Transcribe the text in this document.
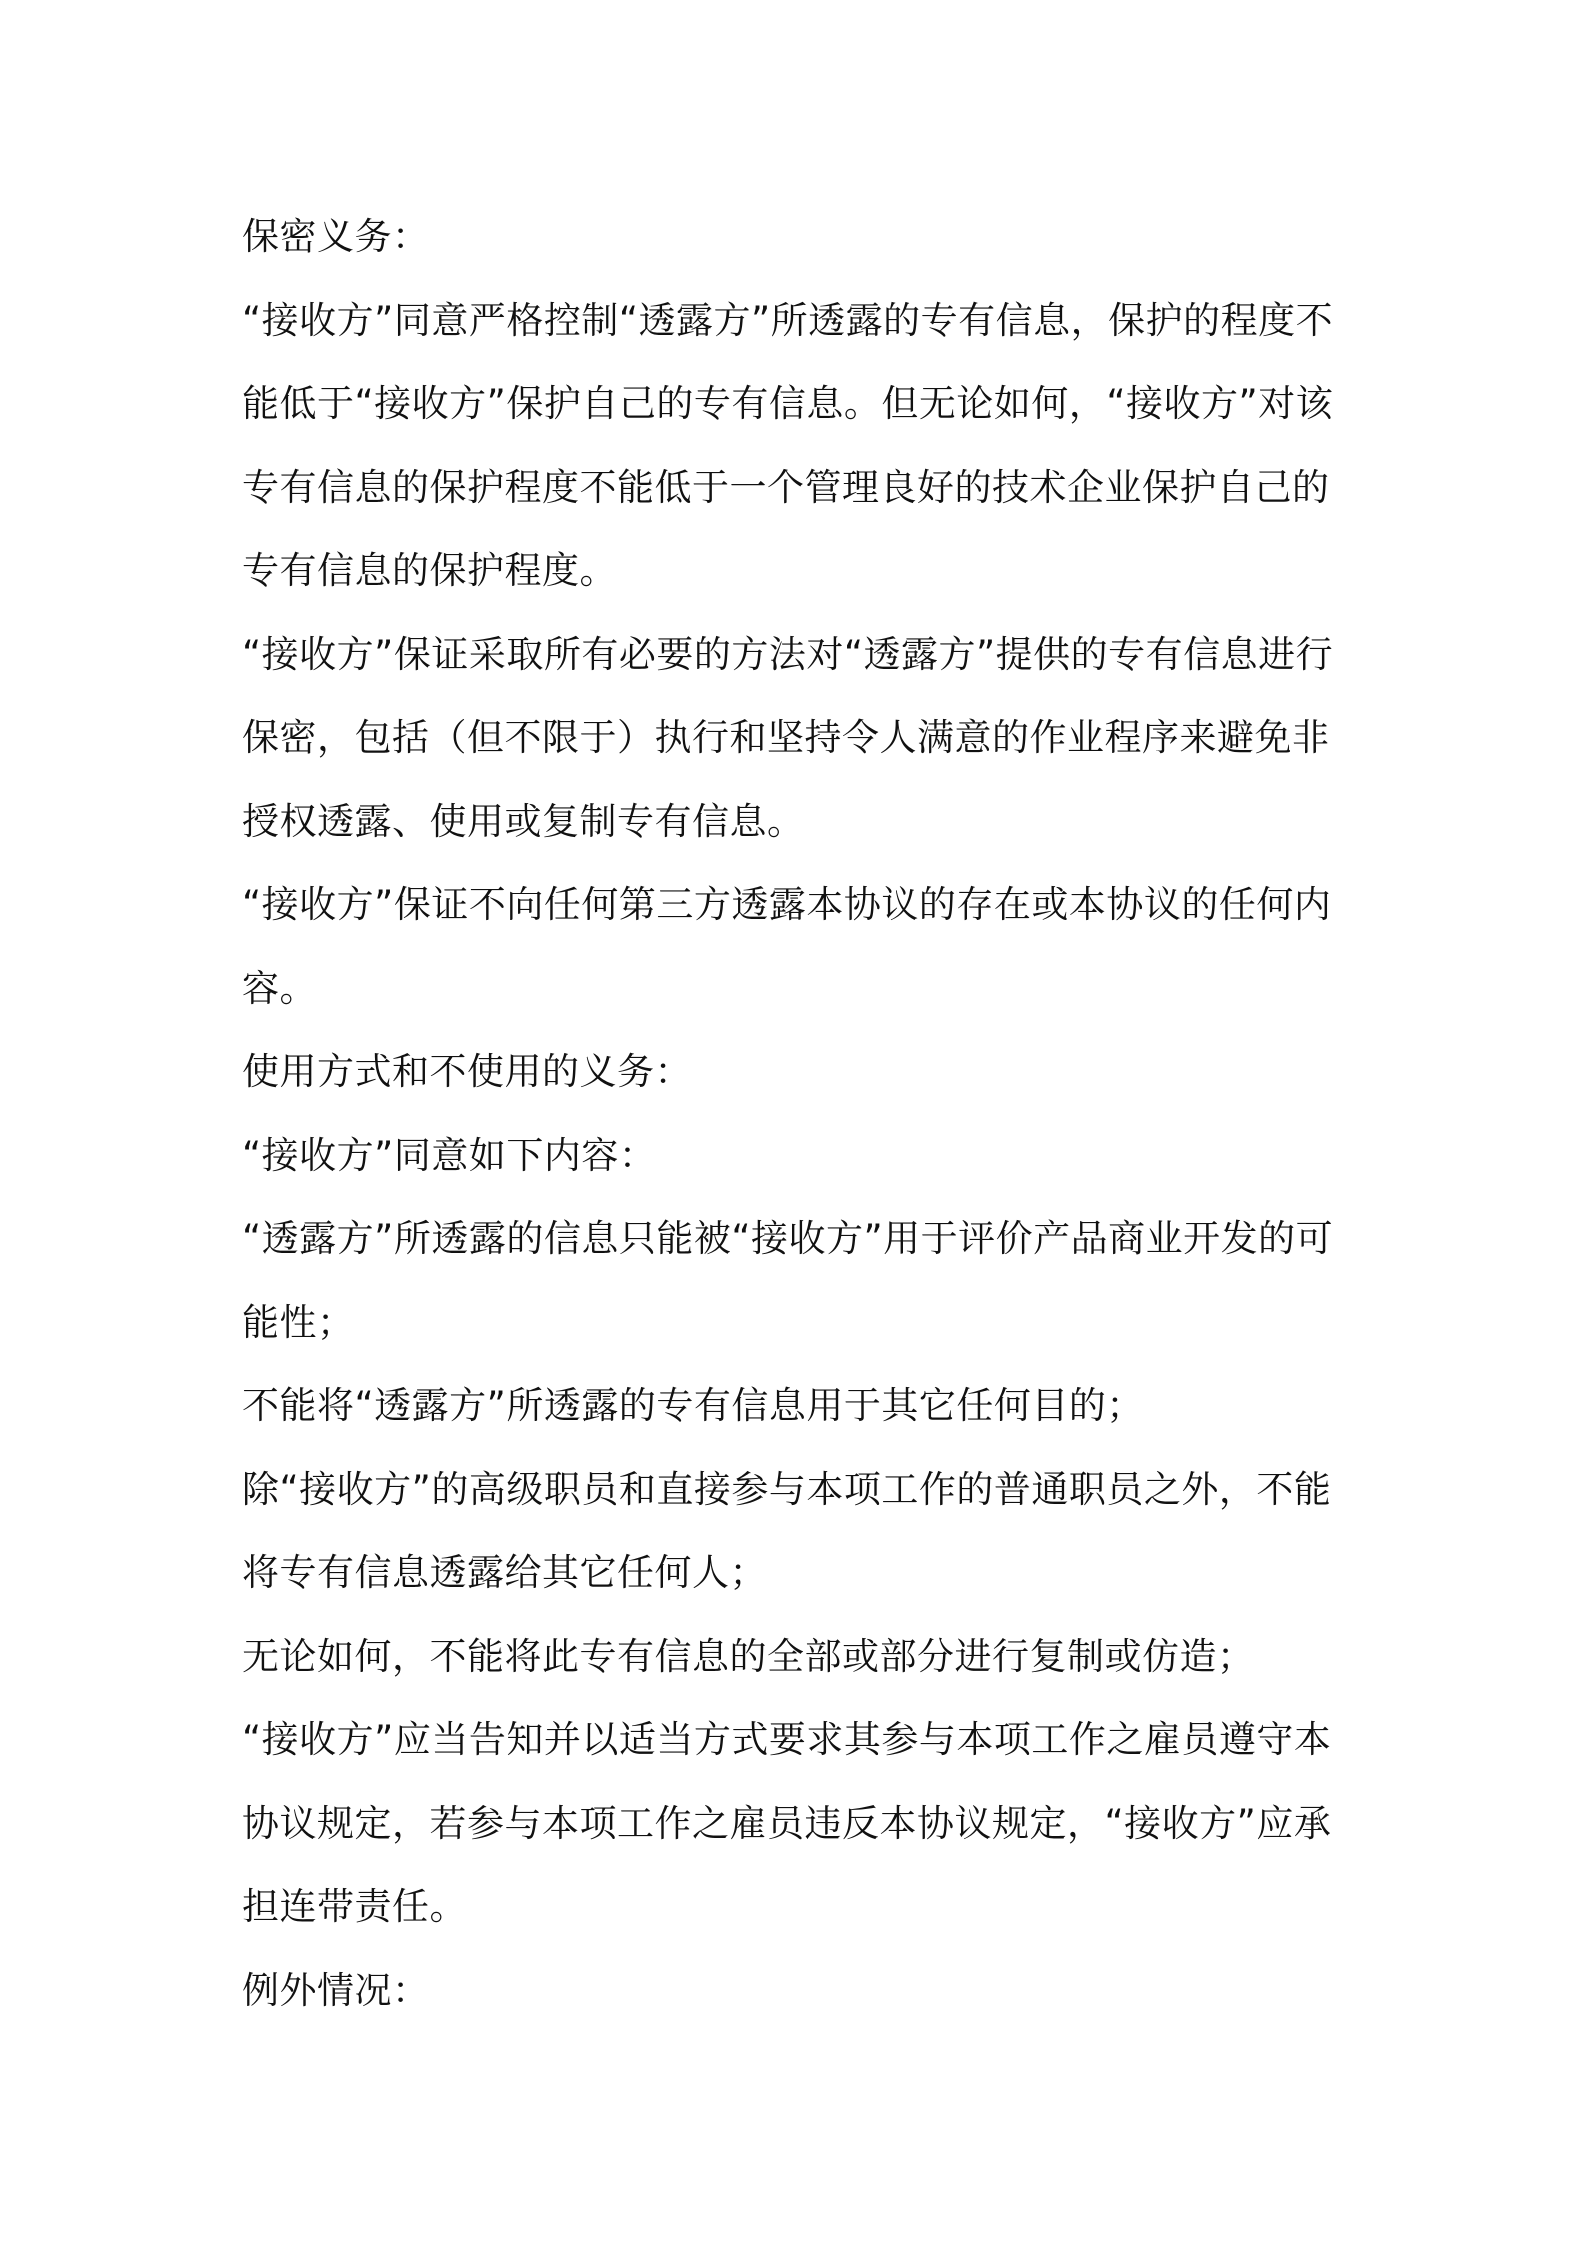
保密义务：

“接收方”同意严格控制“透露方”所透露的专有信息，保护的程度不能低于“接收方”保护自己的专有信息。但无论如何，“接收方”对该专有信息的保护程度不能低于一个管理良好的技术企业保护自己的专有信息的保护程度。

“接收方”保证采取所有必要的方法对“透露方”提供的专有信息进行保密，包括（但不限于）执行和坚持令人满意的作业程序来避免非授权透露、使用或复制专有信息。

“接收方”保证不向任何第三方透露本协议的存在或本协议的任何内容。

使用方式和不使用的义务：

“接收方”同意如下内容：

“透露方”所透露的信息只能被“接收方”用于评价产品商业开发的可能性；

不能将“透露方”所透露的专有信息用于其它任何目的；

除“接收方”的高级职员和直接参与本项工作的普通职员之外，不能将专有信息透露给其它任何人；

无论如何，不能将此专有信息的全部或部分进行复制或仿造；

“接收方”应当告知并以适当方式要求其参与本项工作之雇员遵守本协议规定，若参与本项工作之雇员违反本协议规定，“接收方”应承担连带责任。

例外情况：
